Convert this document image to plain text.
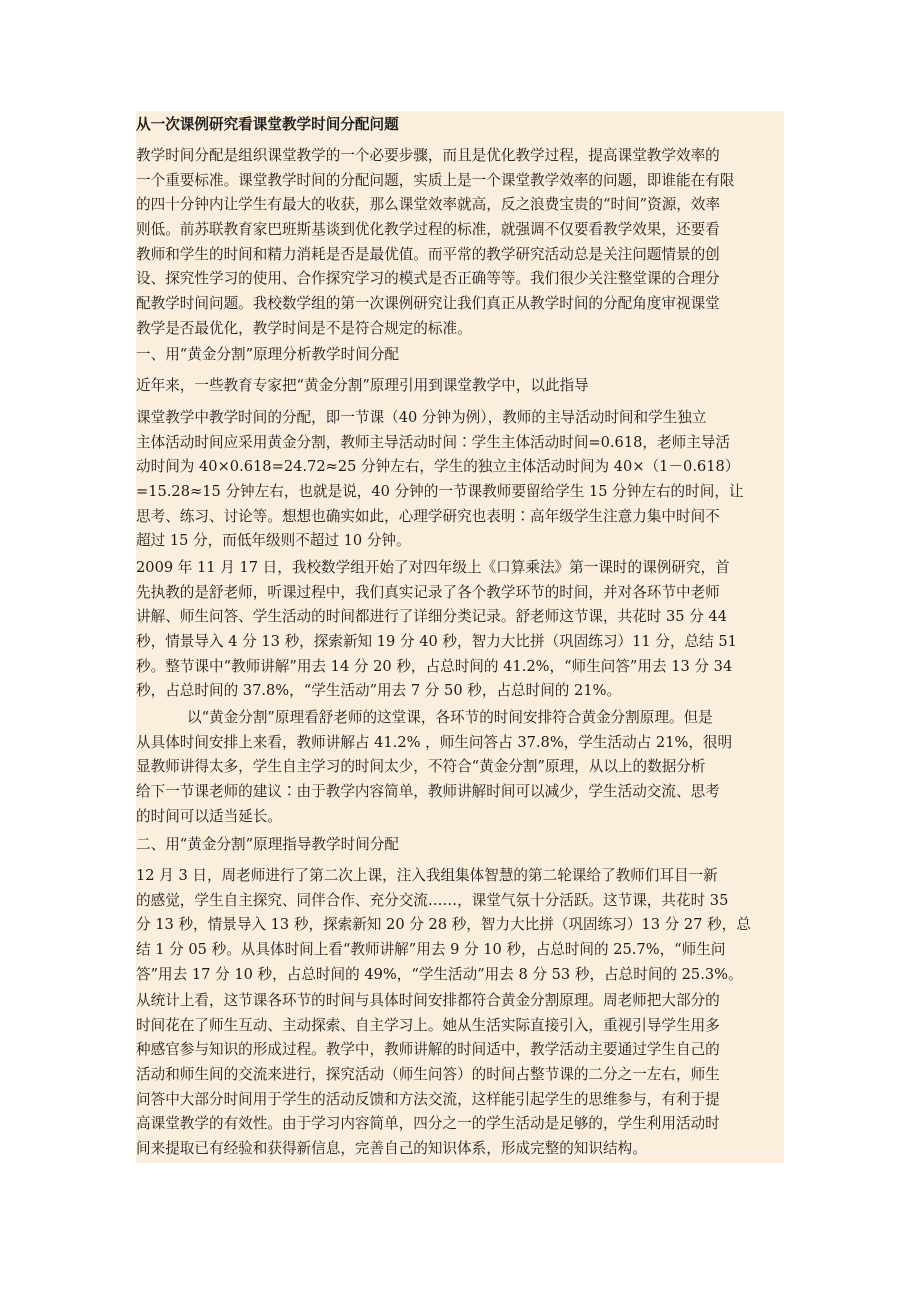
从一次课例研究看课堂教学时间分配问题
教学时间分配是组织课堂教学的一个必要步骤，而且是优化教学过程，提高课堂教学效率的
一个重要标准。课堂教学时间的分配问题，实质上是一个课堂教学效率的问题，即谁能在有限
的四十分钟内让学生有最大的收获，那么课堂效率就高，反之浪费宝贵的“时间”资源，效率
则低。前苏联教育家巴班斯基谈到优化教学过程的标准，就强调不仅要看教学效果，还要看
教师和学生的时间和精力消耗是否是最优值。而平常的教学研究活动总是关注问题情景的创
设、探究性学习的使用、合作探究学习的模式是否正确等等。我们很少关注整堂课的合理分
配教学时间问题。我校数学组的第一次课例研究让我们真正从教学时间的分配角度审视课堂
教学是否最优化，教学时间是不是符合规定的标准。
一、用“黄金分割”原理分析教学时间分配
近年来，一些教育专家把“黄金分割”原理引用到课堂教学中，以此指导
课堂教学中教学时间的分配，即一节课（40 分钟为例），教师的主导活动时间和学生独立
主体活动时间应采用黄金分割，教师主导活动时间∶学生主体活动时间=0.618，老师主导活
动时间为 40×0.618=24.72≈25 分钟左右，学生的独立主体活动时间为 40×（1－0.618）
=15.28≈15 分钟左右，也就是说，40 分钟的一节课教师要留给学生 15 分钟左右的时间，让
思考、练习、讨论等。想想也确实如此，心理学研究也表明∶高年级学生注意力集中时间不
超过 15 分，而低年级则不超过 10 分钟。
2009 年 11 月 17 日，我校数学组开始了对四年级上《口算乘法》第一课时的课例研究，首
先执教的是舒老师，听课过程中，我们真实记录了各个教学环节的时间，并对各环节中老师
讲解、师生问答、学生活动的时间都进行了详细分类记录。舒老师这节课，共花时 35 分 44
秒，情景导入 4 分 13 秒，探索新知 19 分 40 秒，智力大比拼（巩固练习）11 分，总结 51
秒。整节课中“教师讲解”用去 14 分 20 秒，占总时间的 41.2%，“师生问答”用去 13 分 34
秒，占总时间的 37.8%，“学生活动”用去 7 分 50 秒，占总时间的 21%。
以“黄金分割”原理看舒老师的这堂课，各环节的时间安排符合黄金分割原理。但是
从具体时间安排上来看，教师讲解占 41.2% ，师生问答占 37.8%，学生活动占 21%，很明
显教师讲得太多，学生自主学习的时间太少，不符合“黄金分割”原理，从以上的数据分析
给下一节课老师的建议∶由于教学内容简单，教师讲解时间可以减少，学生活动交流、思考
的时间可以适当延长。
二、用“黄金分割”原理指导教学时间分配
12 月 3 日，周老师进行了第二次上课，注入我组集体智慧的第二轮课给了教师们耳目一新
的感觉，学生自主探究、同伴合作、充分交流……，课堂气氛十分活跃。这节课，共花时 35
分 13 秒，情景导入 13 秒，探索新知 20 分 28 秒，智力大比拼（巩固练习）13 分 27 秒，总
结 1 分 05 秒。从具体时间上看“教师讲解”用去 9 分 10 秒，占总时间的 25.7%，“师生问
答”用去 17 分 10 秒，占总时间的 49%，“学生活动”用去 8 分 53 秒，占总时间的 25.3%。
从统计上看，这节课各环节的时间与具体时间安排都符合黄金分割原理。周老师把大部分的
时间花在了师生互动、主动探索、自主学习上。她从生活实际直接引入，重视引导学生用多
种感官参与知识的形成过程。教学中，教师讲解的时间适中，教学活动主要通过学生自己的
活动和师生间的交流来进行，探究活动（师生问答）的时间占整节课的二分之一左右，师生
问答中大部分时间用于学生的活动反馈和方法交流，这样能引起学生的思维参与，有利于提
高课堂教学的有效性。由于学习内容简单，四分之一的学生活动是足够的，学生利用活动时
间来提取已有经验和获得新信息，完善自己的知识体系，形成完整的知识结构。
